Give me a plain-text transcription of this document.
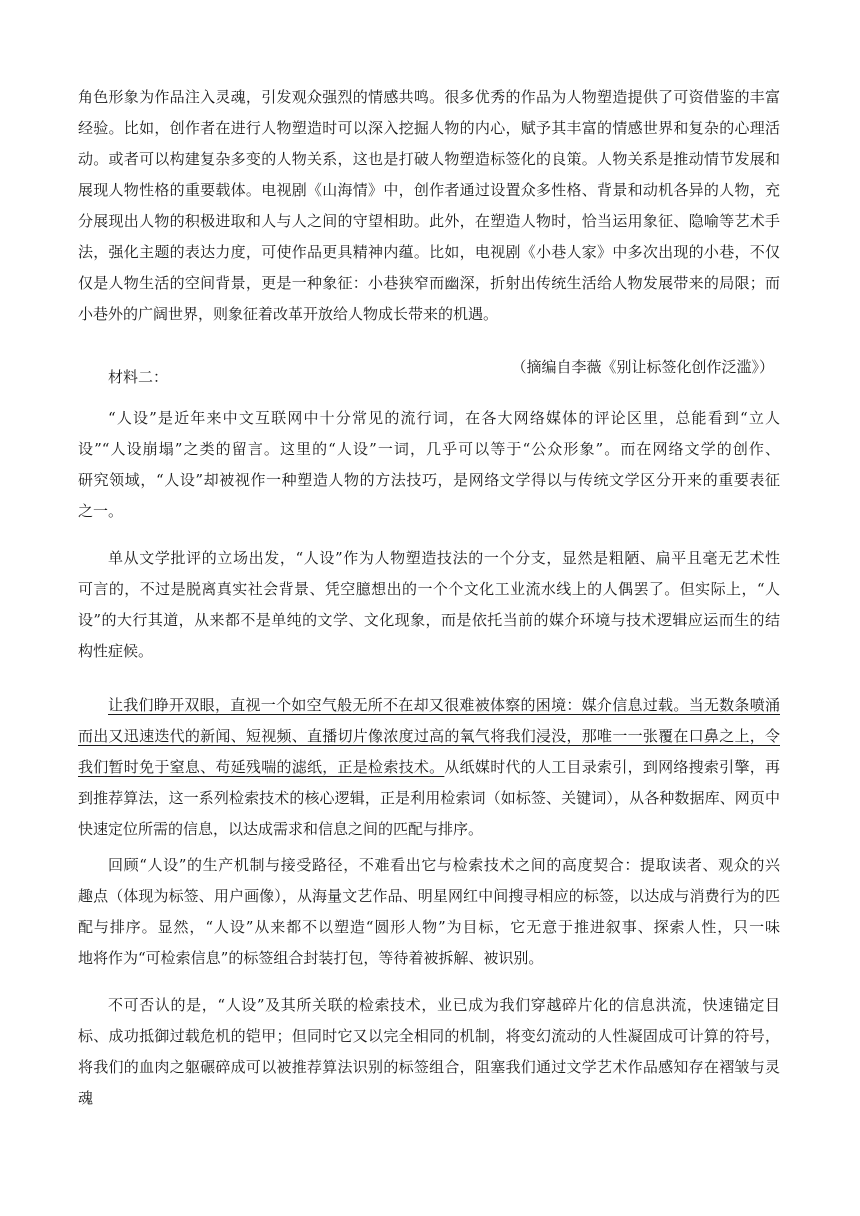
角色形象为作品注入灵魂，引发观众强烈的情感共鸣。很多优秀的作品为人物塑造提供了可资借鉴的丰富
经验。比如，创作者在进行人物塑造时可以深入挖掘人物的内心，赋予其丰富的情感世界和复杂的心理活
动。或者可以构建复杂多变的人物关系，这也是打破人物塑造标签化的良策。人物关系是推动情节发展和
展现人物性格的重要载体。电视剧《山海情》中，创作者通过设置众多性格、背景和动机各异的人物，充
分展现出人物的积极进取和人与人之间的守望相助。此外，在塑造人物时，恰当运用象征、隐喻等艺术手
法，强化主题的表达力度，可使作品更具精神内蕴。比如，电视剧《小巷人家》中多次出现的小巷，不仅
仅是人物生活的空间背景，更是一种象征：小巷狭窄而幽深，折射出传统生活给人物发展带来的局限；而
小巷外的广阔世界，则象征着改革开放给人物成长带来的机遇。

（摘编自李薇《别让标签化创作泛滥》）

材料二：
“人设”是近年来中文互联网中十分常见的流行词，在各大网络媒体的评论区里，总能看到“立人
设”“人设崩塌”之类的留言。这里的“人设”一词，几乎可以等于“公众形象”。而在网络文学的创作、
研究领域，“人设”却被视作一种塑造人物的方法技巧，是网络文学得以与传统文学区分开来的重要表征
之一。
单从文学批评的立场出发，“人设”作为人物塑造技法的一个分支，显然是粗陋、扁平且毫无艺术性
可言的，不过是脱离真实社会背景、凭空臆想出的一个个文化工业流水线上的人偶罢了。但实际上，“人
设”的大行其道，从来都不是单纯的文学、文化现象，而是依托当前的媒介环境与技术逻辑应运而生的结
构性症候。
让我们睁开双眼，直视一个如空气般无所不在却又很难被体察的困境：媒介信息过载。当无数条喷涌
而出又迅速迭代的新闻、短视频、直播切片像浓度过高的氧气将我们浸没，那唯一一张覆在口鼻之上，令
我们暂时免于窒息、苟延残喘的滤纸，正是检索技术。从纸媒时代的人工目录索引，到网络搜索引擎，再
到推荐算法，这一系列检索技术的核心逻辑，正是利用检索词（如标签、关键词），从各种数据库、网页中
快速定位所需的信息，以达成需求和信息之间的匹配与排序。
回顾“人设”的生产机制与接受路径，不难看出它与检索技术之间的高度契合：提取读者、观众的兴
趣点（体现为标签、用户画像），从海量文艺作品、明星网红中间搜寻相应的标签，以达成与消费行为的匹
配与排序。显然，“人设”从来都不以塑造“圆形人物”为目标，它无意于推进叙事、探索人性，只一味
地将作为“可检索信息”的标签组合封装打包，等待着被拆解、被识别。
不可否认的是，“人设”及其所关联的检索技术，业已成为我们穿越碎片化的信息洪流，快速锚定目
标、成功抵御过载危机的铠甲；但同时它又以完全相同的机制，将变幻流动的人性凝固成可计算的符号，
将我们的血肉之躯碾碎成可以被推荐算法识别的标签组合，阻塞我们通过文学艺术作品感知存在褶皱与灵魂
